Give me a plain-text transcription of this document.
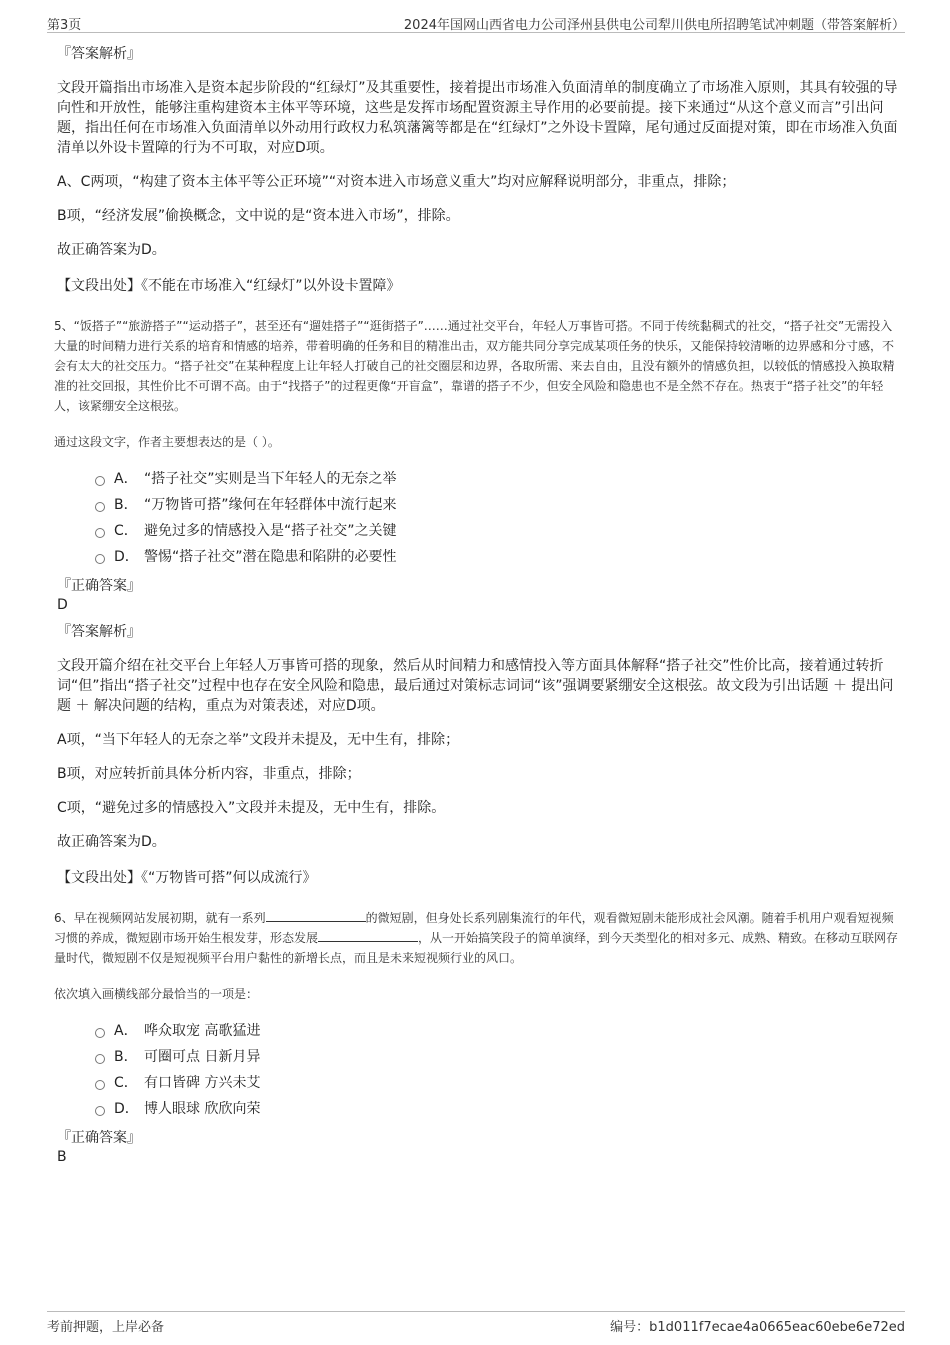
第3页	2024年国网山西省电力公司泽州县供电公司犁川供电所招聘笔试冲刺题（带答案解析）

『答案解析』

文段开篇指出市场准入是资本起步阶段的“红绿灯”及其重要性，接着提出市场准入负面清单的制度确立了市场准入原则，其具有较强的导向性和开放性，能够注重构建资本主体平等环境，这些是发挥市场配置资源主导作用的必要前提。接下来通过“从这个意义而言”引出问题，指出任何在市场准入负面清单以外动用行政权力私筑藩篱等都是在“红绿灯”之外设卡置障，尾句通过反面提对策，即在市场准入负面清单以外设卡置障的行为不可取，对应D项。

A、C两项，“构建了资本主体平等公正环境”“对资本进入市场意义重大”均对应解释说明部分，非重点，排除；

B项，“经济发展”偷换概念，文中说的是“资本进入市场”，排除。

故正确答案为D。

【文段出处】《不能在市场准入“红绿灯”以外设卡置障》

5、“饭搭子”“旅游搭子”“运动搭子”，甚至还有“遛娃搭子”“逛街搭子”……通过社交平台，年轻人万事皆可搭。不同于传统黏稠式的社交，“搭子社交”无需投入大量的时间精力进行关系的培育和情感的培养，带着明确的任务和目的精准出击，双方能共同分享完成某项任务的快乐，又能保持较清晰的边界感和分寸感，不会有太大的社交压力。“搭子社交”在某种程度上让年轻人打破自己的社交圈层和边界，各取所需、来去自由，且没有额外的情感负担，以较低的情感投入换取精准的社交回报，其性价比不可谓不高。由于“找搭子”的过程更像“开盲盒”，靠谱的搭子不少，但安全风险和隐患也不是全然不存在。热衷于“搭子社交”的年轻人，该紧绷安全这根弦。

通过这段文字，作者主要想表达的是（ ）。

A． “搭子社交”实则是当下年轻人的无奈之举
B． “万物皆可搭”缘何在年轻群体中流行起来
C． 避免过多的情感投入是“搭子社交”之关键
D． 警惕“搭子社交”潜在隐患和陷阱的必要性

『正确答案』

D

『答案解析』

文段开篇介绍在社交平台上年轻人万事皆可搭的现象，然后从时间精力和感情投入等方面具体解释“搭子社交”性价比高，接着通过转折词“但”指出“搭子社交”过程中也存在安全风险和隐患，最后通过对策标志词词“该”强调要紧绷安全这根弦。故文段为引出话题 ＋ 提出问题 ＋ 解决问题的结构，重点为对策表述，对应D项。

A项，“当下年轻人的无奈之举”文段并未提及，无中生有，排除；

B项，对应转折前具体分析内容，非重点，排除；

C项，“避免过多的情感投入”文段并未提及，无中生有，排除。

故正确答案为D。

【文段出处】《“万物皆可搭”何以成流行》

6、早在视频网站发展初期，就有一系列	的微短剧，但身处长系列剧集流行的年代，观看微短剧未能形成社会风潮。随着手机用户观看短视频习惯的养成，微短剧市场开始生根发芽，形态发展	，从一开始搞笑段子的简单演绎，到今天类型化的相对多元、成熟、精致。在移动互联网存量时代，微短剧不仅是短视频平台用户黏性的新增长点，而且是未来短视频行业的风口。

依次填入画横线部分最恰当的一项是：

A． 哗众取宠 高歌猛进
B． 可圈可点 日新月异
C． 有口皆碑 方兴未艾
D． 博人眼球 欣欣向荣

『正确答案』

B

考前押题，上岸必备	编号：b1d011f7ecae4a0665eac60ebe6e72ed
